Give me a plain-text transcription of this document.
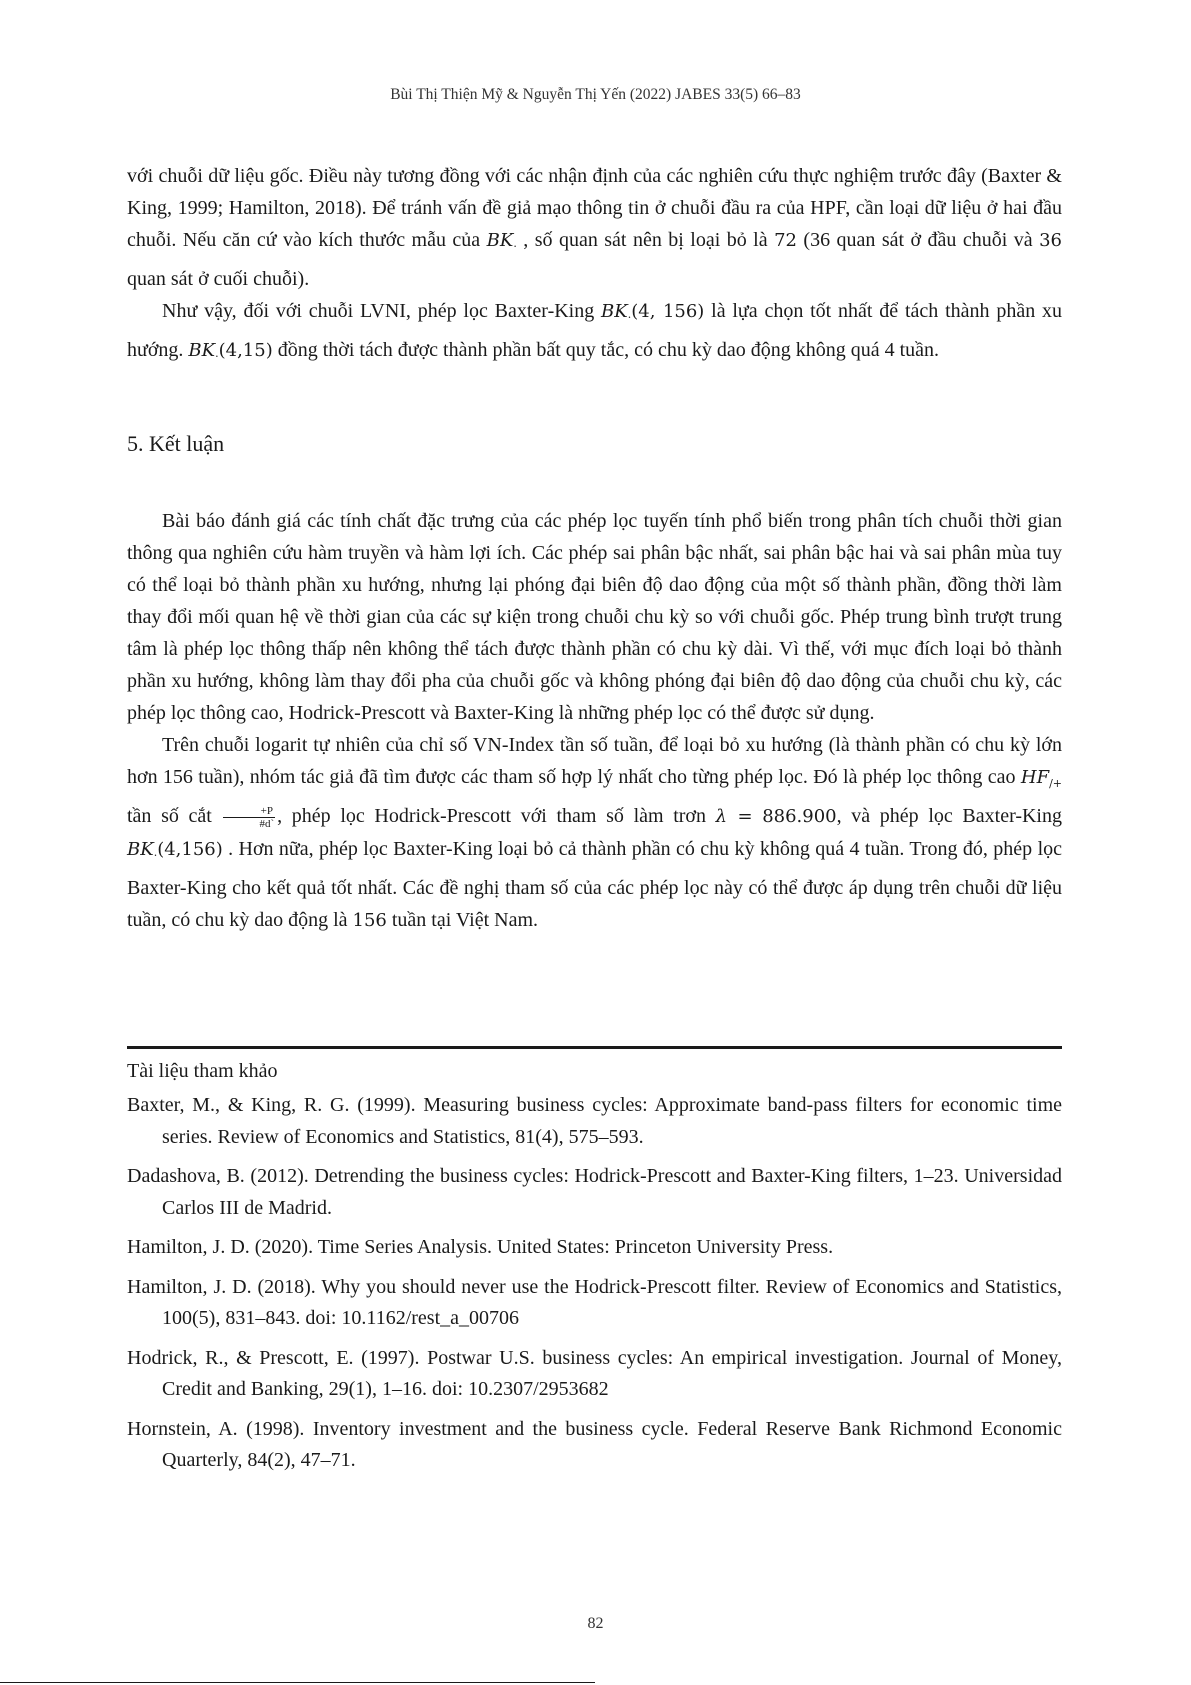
Bùi Thị Thiện Mỹ & Nguyễn Thị Yến (2022) JABES 33(5) 66–83

với chuỗi dữ liệu gốc. Điều này tương đồng với các nhận định của các nghiên cứu thực nghiệm trước đây (Baxter & King, 1999; Hamilton, 2018). Để tránh vấn đề giả mạo thông tin ở chuỗi đầu ra của HPF, cần loại dữ liệu ở hai đầu chuỗi. Nếu căn cứ vào kích thước mẫu của $BK_\cdot$ , số quan sát nên bị loại bỏ là 72 (36 quan sát ở đầu chuỗi và 36 quan sát ở cuối chuỗi).

Như vậy, đối với chuỗi LVNI, phép lọc Baxter-King $BK_\cdot(4$, 156) là lựa chọn tốt nhất để tách thành phần xu hướng. $BK_\cdot(4,15)$ đồng thời tách được thành phần bất quy tắc, có chu kỳ dao động không quá 4 tuần.

5. Kết luận

Bài báo đánh giá các tính chất đặc trưng của các phép lọc tuyến tính phổ biến trong phân tích chuỗi thời gian thông qua nghiên cứu hàm truyền và hàm lợi ích. Các phép sai phân bậc nhất, sai phân bậc hai và sai phân mùa tuy có thể loại bỏ thành phần xu hướng, nhưng lại phóng đại biên độ dao động của một số thành phần, đồng thời làm thay đổi mối quan hệ về thời gian của các sự kiện trong chuỗi chu kỳ so với chuỗi gốc. Phép trung bình trượt trung tâm là phép lọc thông thấp nên không thể tách được thành phần có chu kỳ dài. Vì thế, với mục đích loại bỏ thành phần xu hướng, không làm thay đổi pha của chuỗi gốc và không phóng đại biên độ dao động của chuỗi chu kỳ, các phép lọc thông cao, Hodrick-Prescott và Baxter-King là những phép lọc có thể được sử dụng.

Trên chuỗi logarit tự nhiên của chỉ số VN-Index tần số tuần, để loại bỏ xu hướng (là thành phần có chu kỳ lớn hơn 156 tuần), nhóm tác giả đã tìm được các tham số hợp lý nhất cho từng phép lọc. Đó là phép lọc thông cao $HF_{/+}$ tần số cắt $\frac{+P}{\#d`}$ , phép lọc Hodrick-Prescott với tham số làm trơn λ = 886.900, và phép lọc Baxter-King $BK_\cdot(4,156)$ . Hơn nữa, phép lọc Baxter-King loại bỏ cả thành phần có chu kỳ không quá 4 tuần. Trong đó, phép lọc Baxter-King cho kết quả tốt nhất. Các đề nghị tham số của các phép lọc này có thể được áp dụng trên chuỗi dữ liệu tuần, có chu kỳ dao động là 156 tuần tại Việt Nam.

Tài liệu tham khảo

Baxter, M., & King, R. G. (1999). Measuring business cycles: Approximate band-pass filters for economic time series. Review of Economics and Statistics, 81(4), 575–593.

Dadashova, B. (2012). Detrending the business cycles: Hodrick-Prescott and Baxter-King filters, 1–23. Universidad Carlos III de Madrid.

Hamilton, J. D. (2020). Time Series Analysis. United States: Princeton University Press.

Hamilton, J. D. (2018). Why you should never use the Hodrick-Prescott filter. Review of Economics and Statistics, 100(5), 831–843. doi: 10.1162/rest_a_00706

Hodrick, R., & Prescott, E. (1997). Postwar U.S. business cycles: An empirical investigation. Journal of Money, Credit and Banking, 29(1), 1–16. doi: 10.2307/2953682

Hornstein, A. (1998). Inventory investment and the business cycle. Federal Reserve Bank Richmond Economic Quarterly, 84(2), 47–71.

82
